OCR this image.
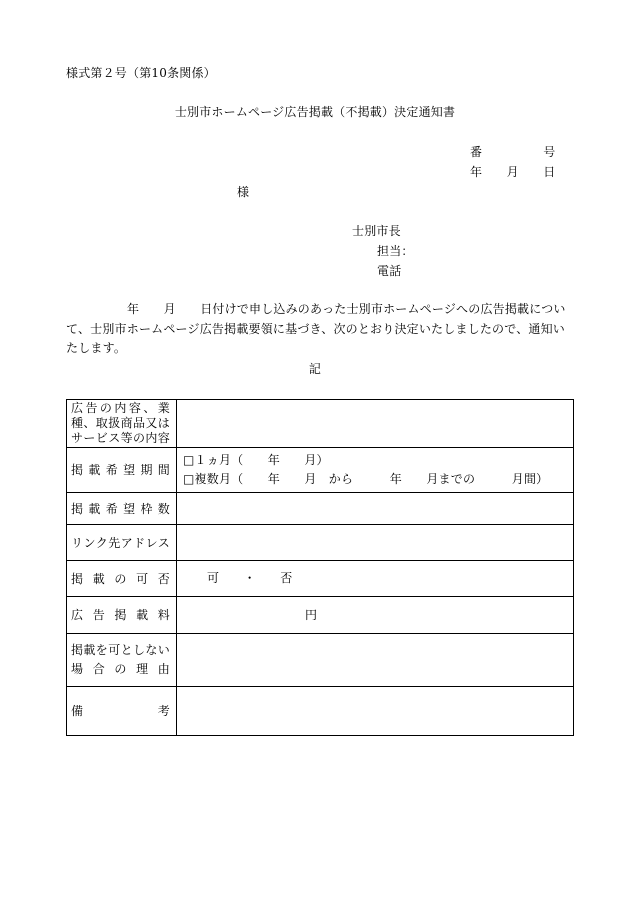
様式第２号（第10条関係）
士別市ホームページ広告掲載（不掲載）決定通知書
番　　　　　号
年　　月　　日
様
士別市長
担当：
電話
　　　　　年　　月　　日付けで申し込みのあった士別市ホームページへの広告掲載につい
て、士別市ホームページ広告掲載要領に基づき、次のとおり決定いたしましたので、通知い
たします。
記
広告の内容、業
種、取扱商品又は
サービス等の内容
掲載希望期間
□１ヵ月（　　年　　月）
□複数月（　　年　　月　から　　　年　　月までの　　　月間）
掲載希望枠数
リンク先アドレス
掲載の可否	可　　・　　否
広告掲載料	円
掲載を可としない
場合の理由
備考
